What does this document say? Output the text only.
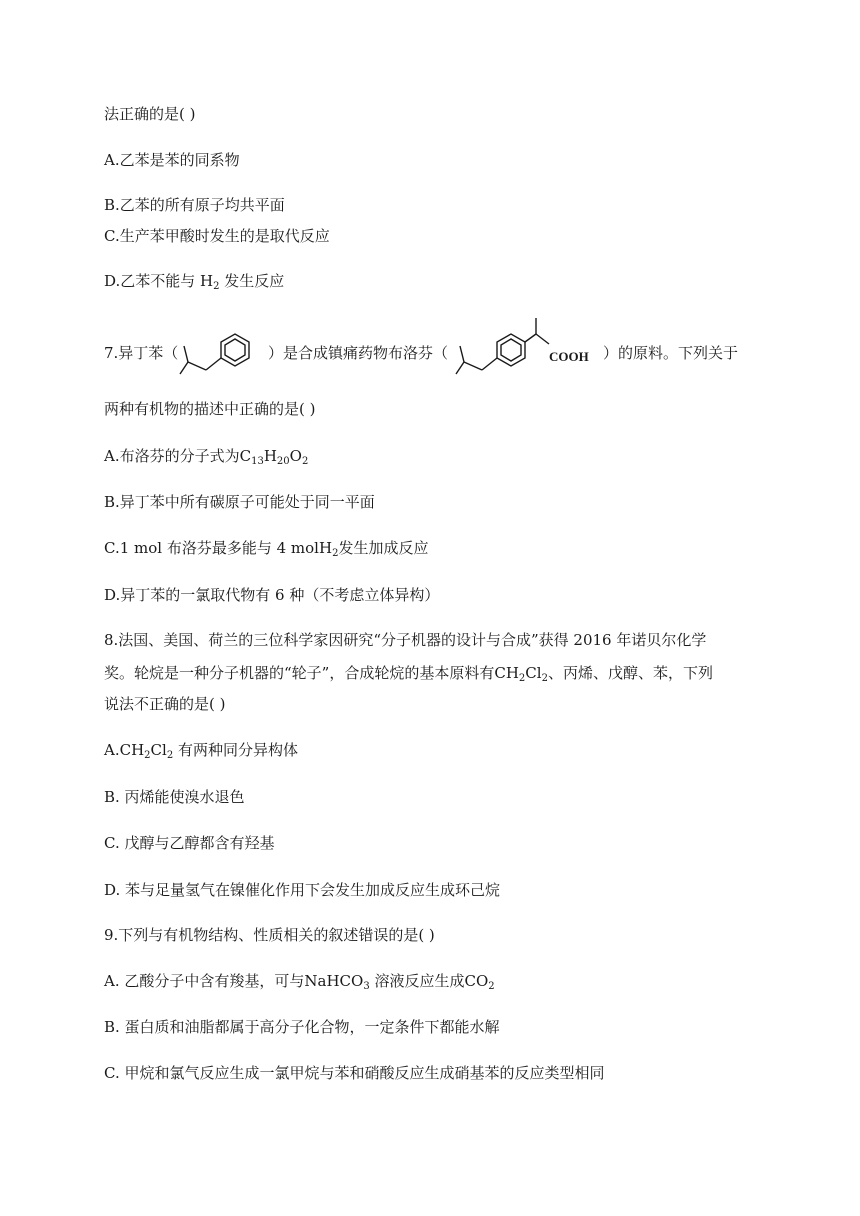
法正确的是( )
A.乙苯是苯的同系物
B.乙苯的所有原子均共平面
C.生产苯甲酸时发生的是取代反应
D.乙苯不能与 $H_2$ 发生反应
7.异丁苯（	）是合成镇痛药物布洛芬（	COOH ）的原料。下列关于
两种有机物的描述中正确的是( )
A.布洛芬的分子式为$C_{13}H_{20}O_2$
B.异丁苯中所有碳原子可能处于同一平面
C.1 mol 布洛芬最多能与 4 molH$_2$发生加成反应
D.异丁苯的一氯取代物有 6 种（不考虑立体异构）
8.法国、美国、荷兰的三位科学家因研究“分子机器的设计与合成”获得 2016 年诺贝尔化学
奖。轮烷是一种分子机器的“轮子”，合成轮烷的基本原料有$CH_2Cl_2$、丙烯、戊醇、苯，下列
说法不正确的是( )
$A.CH_2Cl_2$ 有两种同分异构体
B. 丙烯能使溴水退色
C. 戊醇与乙醇都含有羟基
D. 苯与足量氢气在镍催化作用下会发生加成反应生成环己烷
9.下列与有机物结构、性质相关的叙述错误的是( )
A. 乙酸分子中含有羧基，可与NaHCO$_3$ 溶液反应生成$CO_2$
B. 蛋白质和油脂都属于高分子化合物，一定条件下都能水解
C. 甲烷和氯气反应生成一氯甲烷与苯和硝酸反应生成硝基苯的反应类型相同
